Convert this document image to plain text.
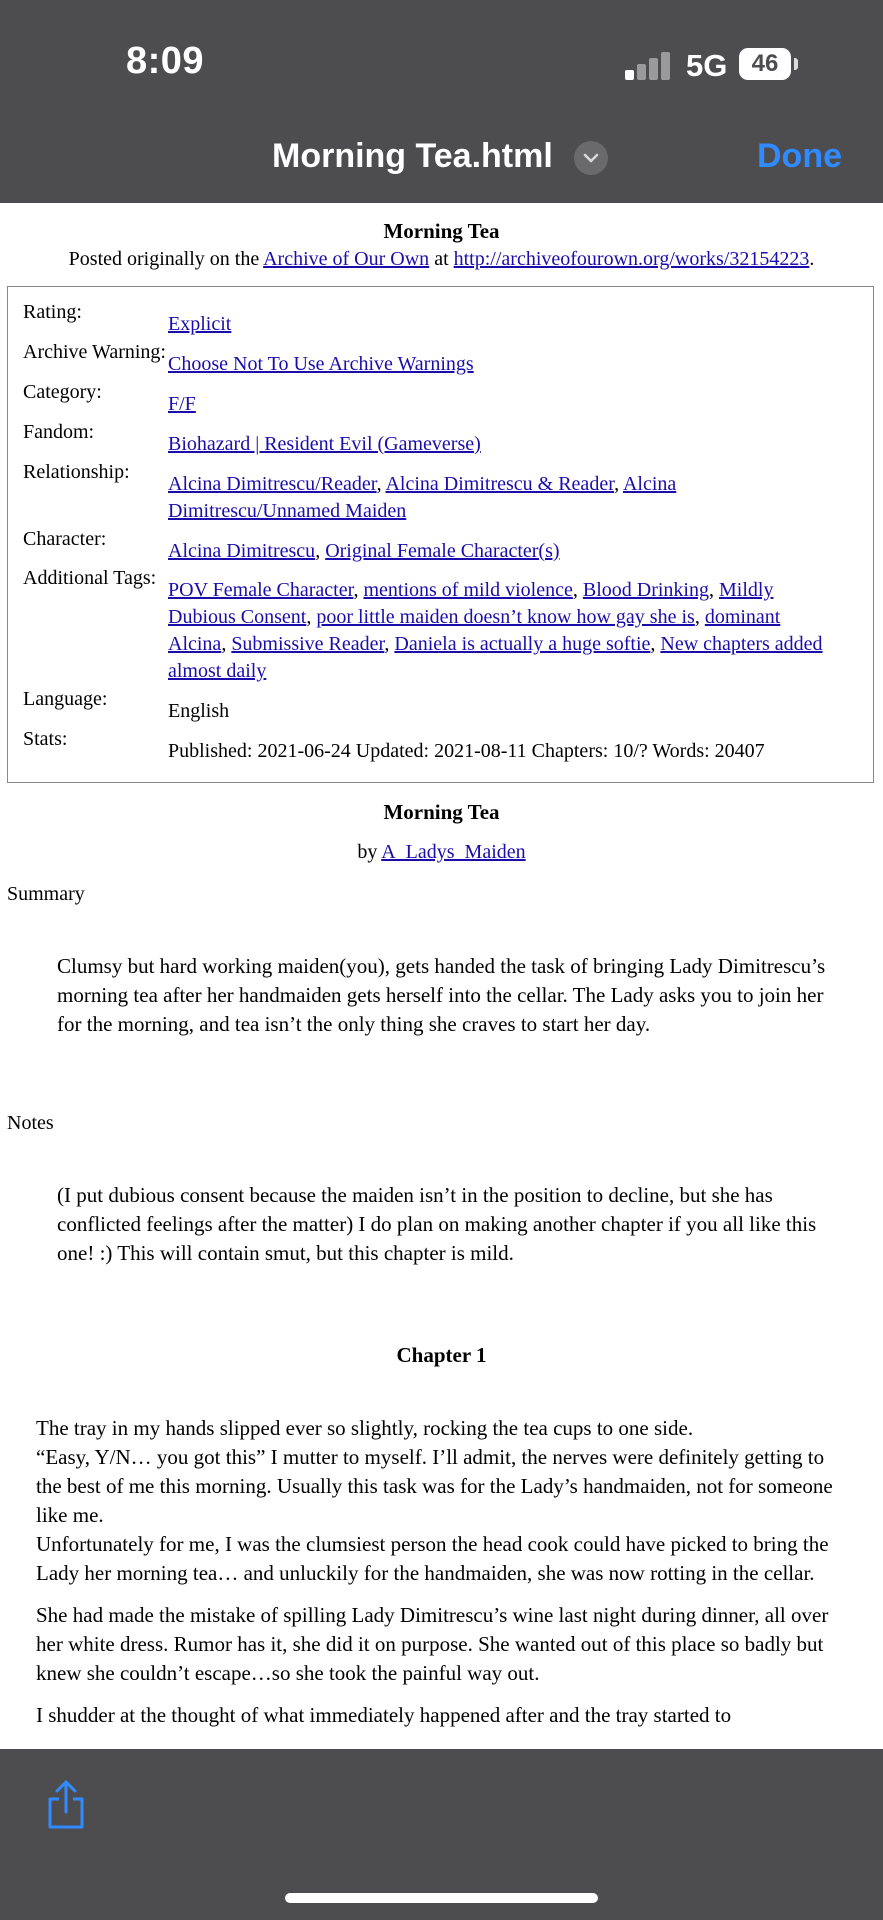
8:09	5G	46
Morning Tea.html	Done
Morning Tea
Posted originally on the Archive of Our Own at http://archiveofourown.org/works/32154223.
Rating:
Explicit
Archive Warning:
Choose Not To Use Archive Warnings
Category:
F/F
Fandom:
Biohazard | Resident Evil (Gameverse)
Relationship:
Alcina Dimitrescu/Reader, Alcina Dimitrescu & Reader, Alcina Dimitrescu/Unnamed Maiden
Character:
Alcina Dimitrescu, Original Female Character(s)
Additional Tags:
POV Female Character, mentions of mild violence, Blood Drinking, Mildly Dubious Consent, poor little maiden doesn’t know how gay she is, dominant Alcina, Submissive Reader, Daniela is actually a huge softie, New chapters added almost daily
Language:
English
Stats:
Published: 2021-06-24 Updated: 2021-08-11 Chapters: 10/? Words: 20407
Morning Tea
by A_Ladys_Maiden
Summary
Clumsy but hard working maiden(you), gets handed the task of bringing Lady Dimitrescu’s morning tea after her handmaiden gets herself into the cellar. The Lady asks you to join her for the morning, and tea isn’t the only thing she craves to start her day.
Notes
(I put dubious consent because the maiden isn’t in the position to decline, but she has conflicted feelings after the matter) I do plan on making another chapter if you all like this one! :) This will contain smut, but this chapter is mild.
Chapter 1

The tray in my hands slipped ever so slightly, rocking the tea cups to one side.

“Easy, Y/N… you got this” I mutter to myself. I’ll admit, the nerves were definitely getting to the best of me this morning. Usually this task was for the Lady’s handmaiden, not for someone like me.

Unfortunately for me, I was the clumsiest person the head cook could have picked to bring the Lady her morning tea… and unluckily for the handmaiden, she was now rotting in the cellar.

She had made the mistake of spilling Lady Dimitrescu’s wine last night during dinner, all over her white dress. Rumor has it, she did it on purpose. She wanted out of this place so badly but knew she couldn’t escape…so she took the painful way out.

I shudder at the thought of what immediately happened after and the tray started to
